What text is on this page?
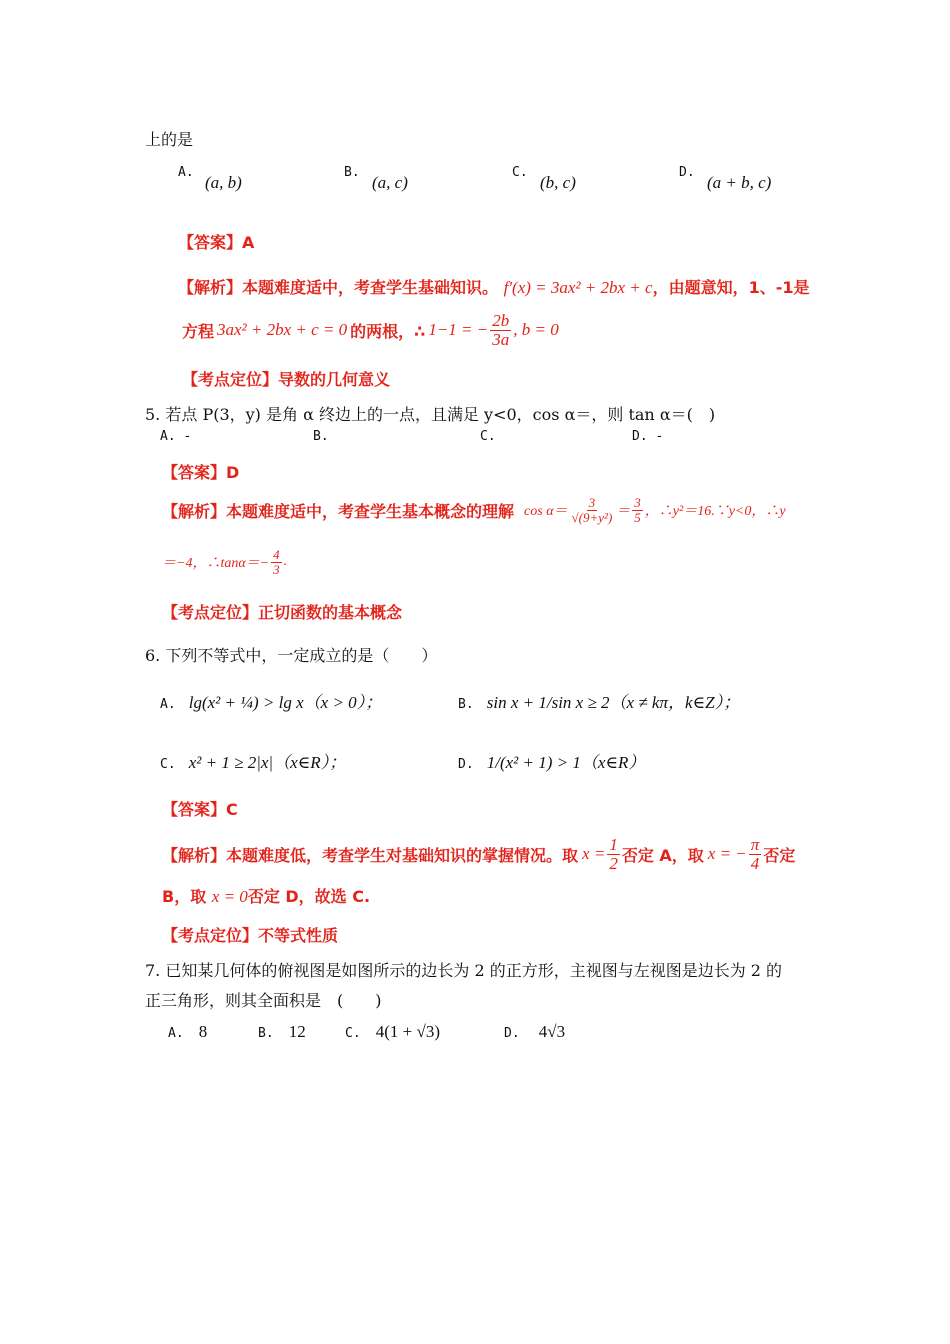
上的是
A.
(a, b)
B.
(a, c)
C.
(b, c)
D.
(a + b, c)
【答案】A
【解析】本题难度适中，考查学生基础知识。 f′(x) = 3ax² + 2bx + c，由题意知，1、-1是
方程 3ax² + 2bx + c = 0 的两根，∴ 1−1 = − $\frac{2b}{3a}$ , b = 0
【考点定位】导数的几何意义
5. 若点 P(3，y) 是角 α 终边上的一点，且满足 y<0，cos α＝，则 tan α＝(　)
A. -	B.	C.	D. -
【答案】D
【解析】 本题难度适中，考查学生基本概念的理解 $\cos \alpha= \frac{3}{\text{√(9+y²)}} = \frac{3}{5}$ ，∴y²＝16.∵y<0，∴y
＝−4，∴tanα＝− $\frac{4}{3}$ .
【考点定位】正切函数的基本概念
6. 下列不等式中，一定成立的是（　　）
A. lg(x² + ¼) > lg x（x > 0）；	B. sin x + 1/sin x ≥ 2（x ≠ kπ，k∈Z）；
C. x² + 1 ≥ 2|x|（x∈R）；	D. 1/(x² + 1) > 1（x∈R）
【答案】C
【解析】 本题难度低，考查学生对基础知识的掌握情况。取 $x = \frac{1}{2}$ 否定 A，取 x = − $\frac{\pi}{4}$ 否定
B，取 x = 0否定 D，故选 C.
【考点定位】不等式性质
7. 已知某几何体的俯视图是如图所示的边长为 2 的正方形，主视图与左视图是边长为 2 的
正三角形，则其全面积是　(　　)
A. 8	B. 12	C. 4(1 + √3)	D. 4√3
